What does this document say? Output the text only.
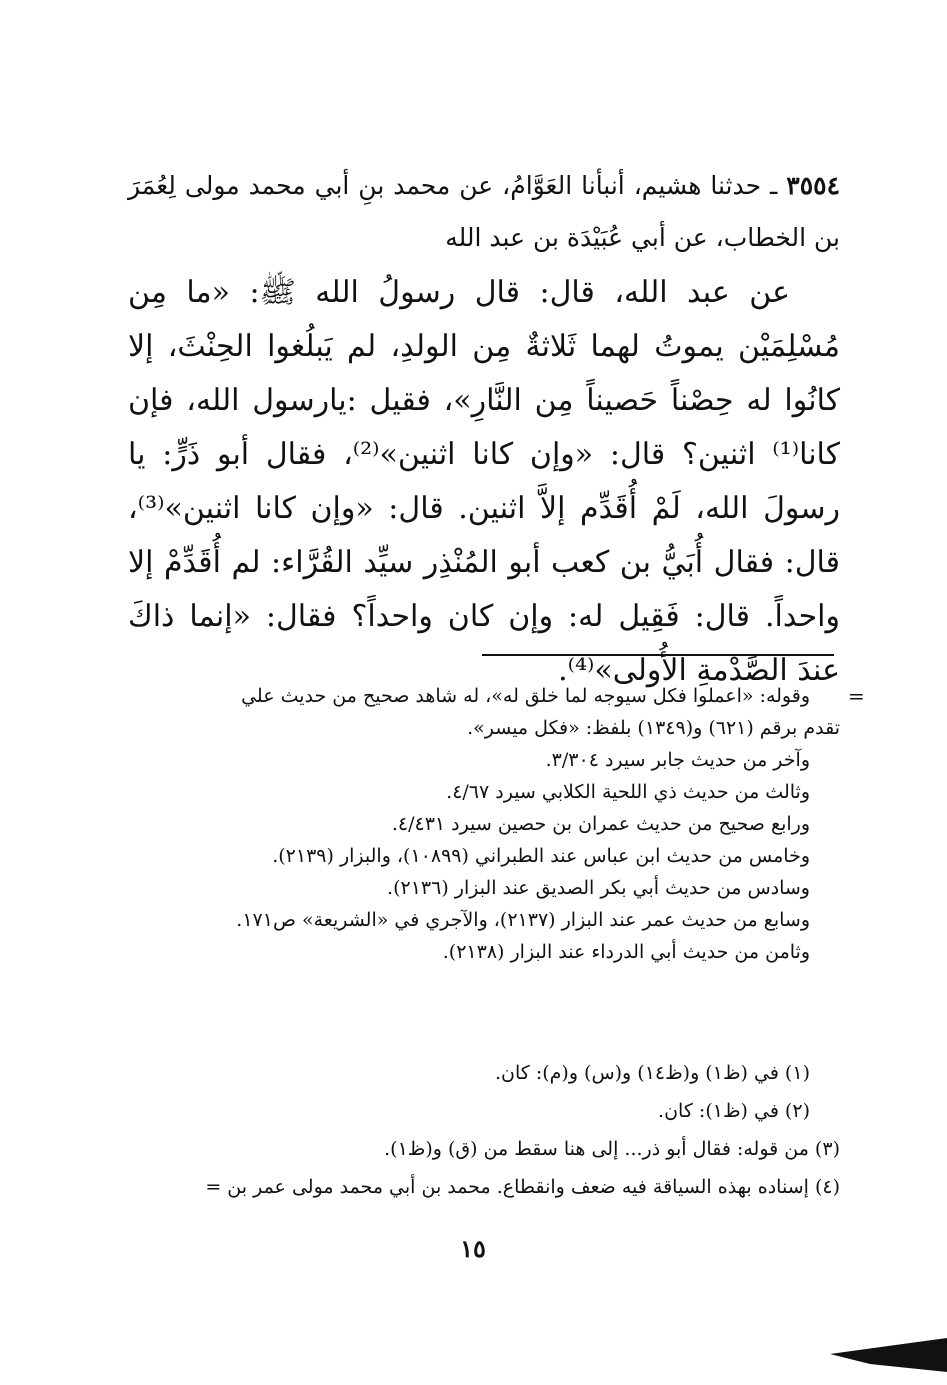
٣٥٥٤ ـ حدثنا هشيم، أنبأنا العَوَّامُ، عن محمد بنِ أبي محمد مولى لِعُمَرَ بن الخطاب، عن أبي عُبَيْدَة بن عبد الله

عن عبد الله، قال: قال رسولُ الله ﷺ: «ما مِن مُسْلِمَيْن يموتُ لهما ثَلاثةٌ مِن الولدِ، لم يَبلُغوا الحِنْثَ، إلا كانُوا له حِصْناً حَصيناً مِن النَّارِ»، فقيل :يارسول الله، فإن كانا⁽¹⁾ اثنين؟ قال: «وإن كانا اثنين»⁽²⁾، فقال أبو ذَرٍّ: يا رسولَ الله، لَمْ أُقَدِّم إلاَّ اثنين. قال: «وإن كانا اثنين»⁽³⁾، قال: فقال أُبَيُّ بن كعب أبو المُنْذِر سيِّد القُرَّاء: لم أُقَدِّمْ إلا واحداً. قال: فَقِيل له: وإن كان واحداً؟ فقال: «إنما ذاكَ عندَ الصَّدْمةِ الأُولى»⁽⁴⁾.

=
وقوله: «اعملوا فكل سيوجه لما خلق له»، له شاهد صحيح من حديث علي
تقدم برقم (٦٢١) و(١٣٤٩) بلفظ: «فكل ميسر».
وآخر من حديث جابر سيرد ٣/٣٠٤.
وثالث من حديث ذي اللحية الكلابي سيرد ٤/٦٧.
ورابع صحيح من حديث عمران بن حصين سيرد ٤/٤٣١.
وخامس من حديث ابن عباس عند الطبراني (١٠٨٩٩)، والبزار (٢١٣٩).
وسادس من حديث أبي بكر الصديق عند البزار (٢١٣٦).
وسابع من حديث عمر عند البزار (٢١٣٧)، والآجري في «الشريعة» ص١٧١.
وثامن من حديث أبي الدرداء عند البزار (٢١٣٨).
(١) في (ظ١) و(ظ١٤) و(س) و(م): كان.
(٢) في (ظ١): كان.
(٣) من قوله: فقال أبو ذر... إلى هنا سقط من (ق) و(ظ١).
(٤) إسناده بهذه السياقة فيه ضعف وانقطاع. محمد بن أبي محمد مولى عمر بن =
١٥
